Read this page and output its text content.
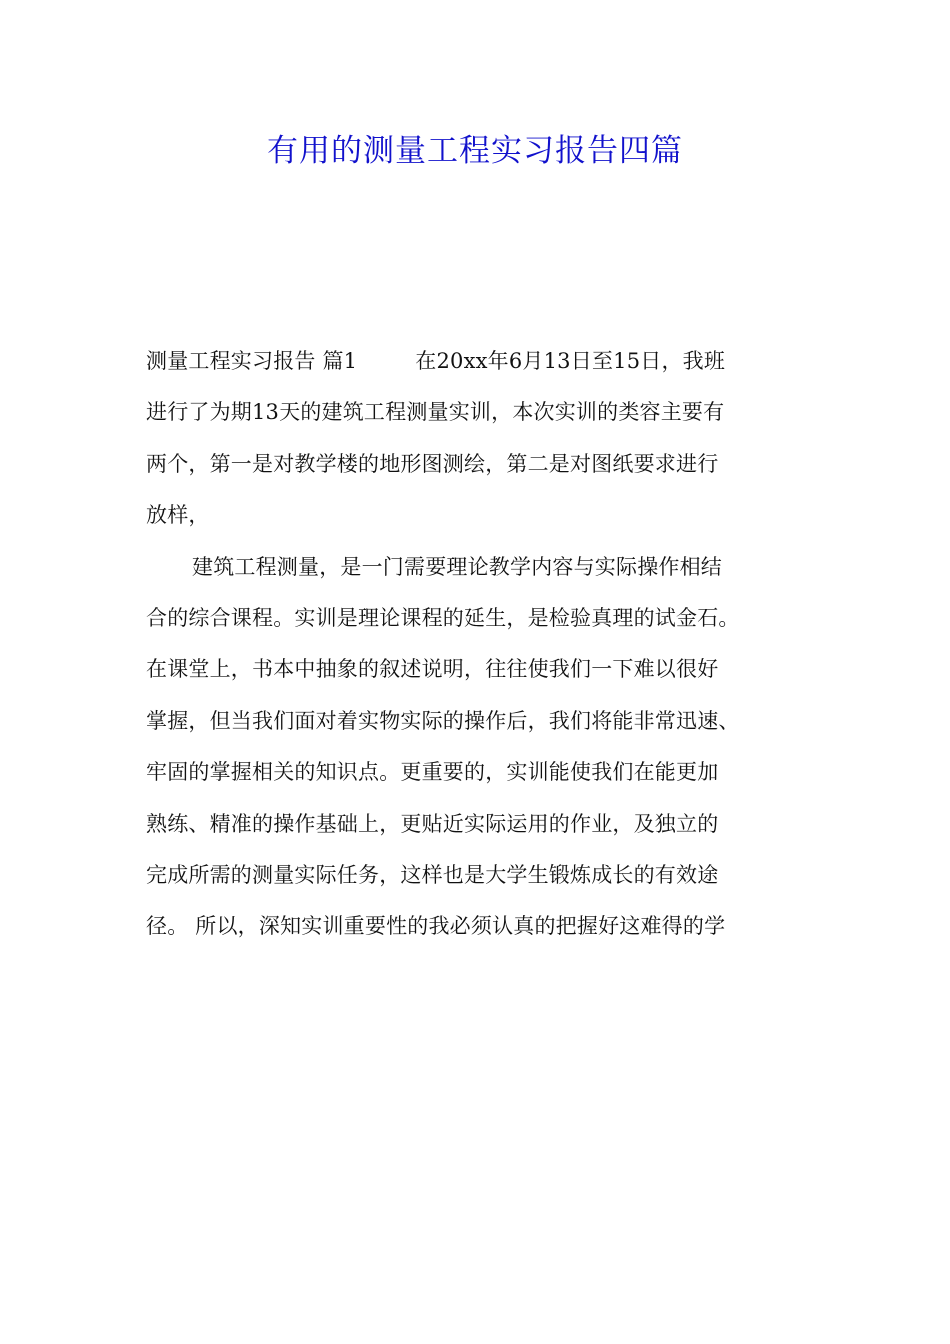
有用的测量工程实习报告四篇
测量工程实习报告 篇1	在20xx年6月13日至15日，我班
进行了为期13天的建筑工程测量实训，本次实训的类容主要有
两个，第一是对教学楼的地形图测绘，第二是对图纸要求进行
放样，
建筑工程测量，是一门需要理论教学内容与实际操作相结
合的综合课程。实训是理论课程的延生，是检验真理的试金石。
在课堂上，书本中抽象的叙述说明，往往使我们一下难以很好
掌握，但当我们面对着实物实际的操作后，我们将能非常迅速、
牢固的掌握相关的知识点。更重要的，实训能使我们在能更加
熟练、精准的操作基础上，更贴近实际运用的作业，及独立的
完成所需的测量实际任务，这样也是大学生锻炼成长的有效途
径。 所以，深知实训重要性的我必须认真的把握好这难得的学
